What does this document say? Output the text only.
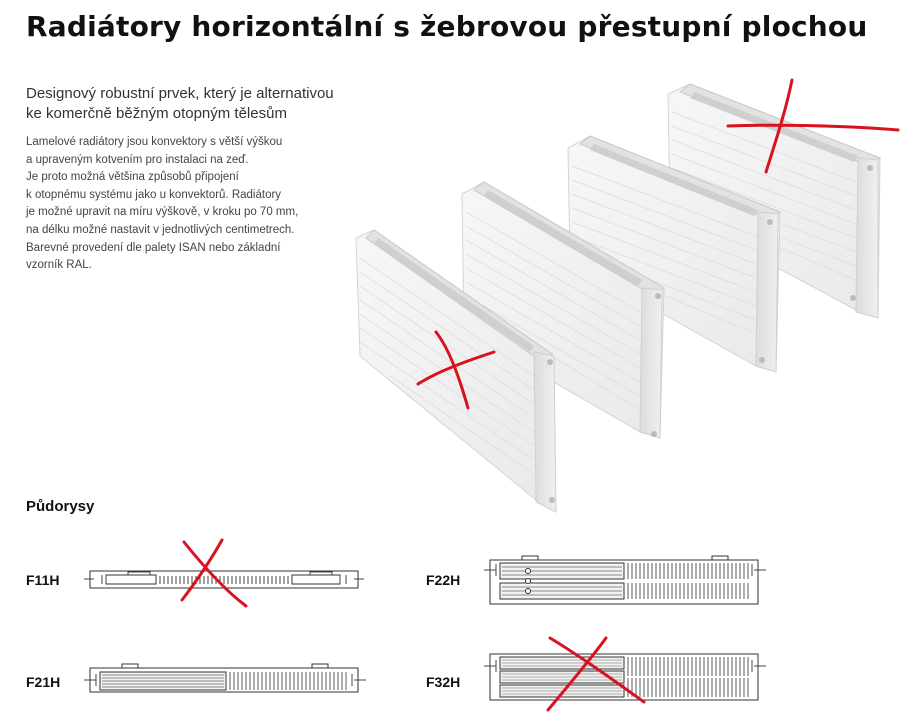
Radiátory horizontální s žebrovou přestupní plochou

Designový robustní prvek, který je alternativou
ke komerčně běžným otopným tělesům

Lamelové radiátory jsou konvektory s větší výškou
a upraveným kotvením pro instalaci na zeď.
Je proto možná většina způsobů připojení
k otopnému systému jako u konvektorů. Radiátory
je možné upravit na míru výškově, v kroku po 70 mm,
na délku možné nastavit v jednotlivých centimetrech.
Barevné provedení dle palety ISAN nebo základní
vzorník RAL.

Půdorysy
F11H
F21H
F22H
F32H
